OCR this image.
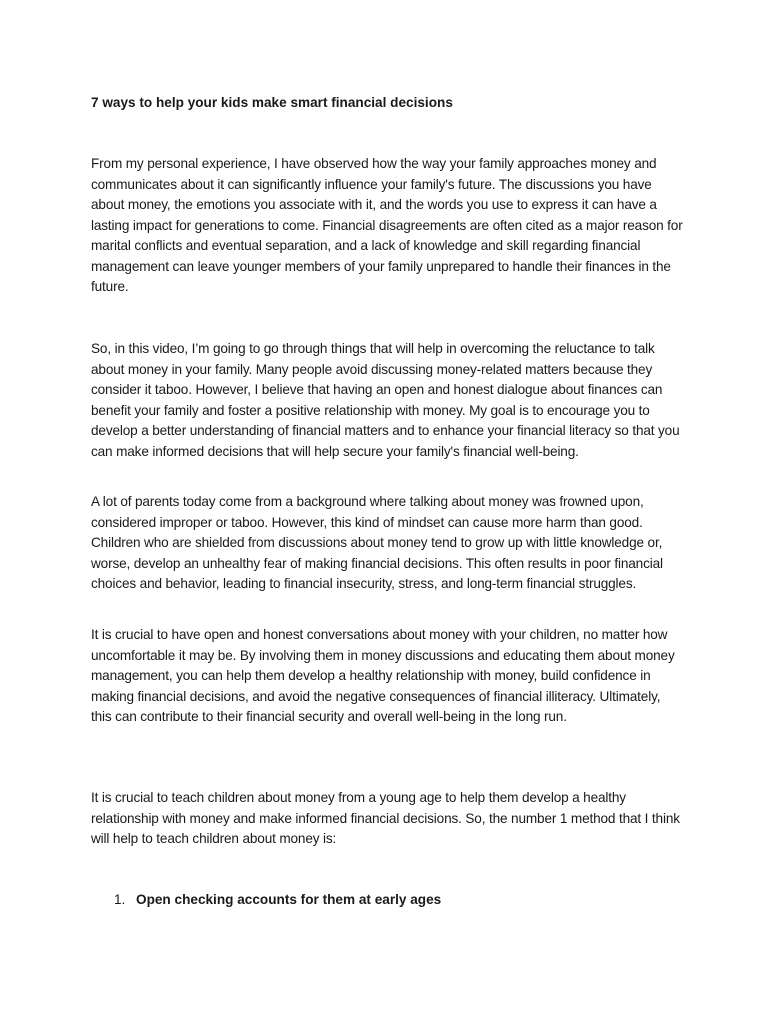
7 ways to help your kids make smart financial decisions

From my personal experience, I have observed how the way your family approaches money and communicates about it can significantly influence your family's future. The discussions you have about money, the emotions you associate with it, and the words you use to express it can have a lasting impact for generations to come. Financial disagreements are often cited as a major reason for marital conflicts and eventual separation, and a lack of knowledge and skill regarding financial management can leave younger members of your family unprepared to handle their finances in the future.

So, in this video, I’m going to go through things that will help in overcoming the reluctance to talk about money in your family. Many people avoid discussing money-related matters because they consider it taboo. However, I believe that having an open and honest dialogue about finances can benefit your family and foster a positive relationship with money. My goal is to encourage you to develop a better understanding of financial matters and to enhance your financial literacy so that you can make informed decisions that will help secure your family's financial well-being.

A lot of parents today come from a background where talking about money was frowned upon, considered improper or taboo. However, this kind of mindset can cause more harm than good. Children who are shielded from discussions about money tend to grow up with little knowledge or, worse, develop an unhealthy fear of making financial decisions. This often results in poor financial choices and behavior, leading to financial insecurity, stress, and long-term financial struggles.

It is crucial to have open and honest conversations about money with your children, no matter how uncomfortable it may be. By involving them in money discussions and educating them about money management, you can help them develop a healthy relationship with money, build confidence in making financial decisions, and avoid the negative consequences of financial illiteracy. Ultimately, this can contribute to their financial security and overall well-being in the long run.

It is crucial to teach children about money from a young age to help them develop a healthy relationship with money and make informed financial decisions. So, the number 1 method that I think will help to teach children about money is:

1. Open checking accounts for them at early ages
